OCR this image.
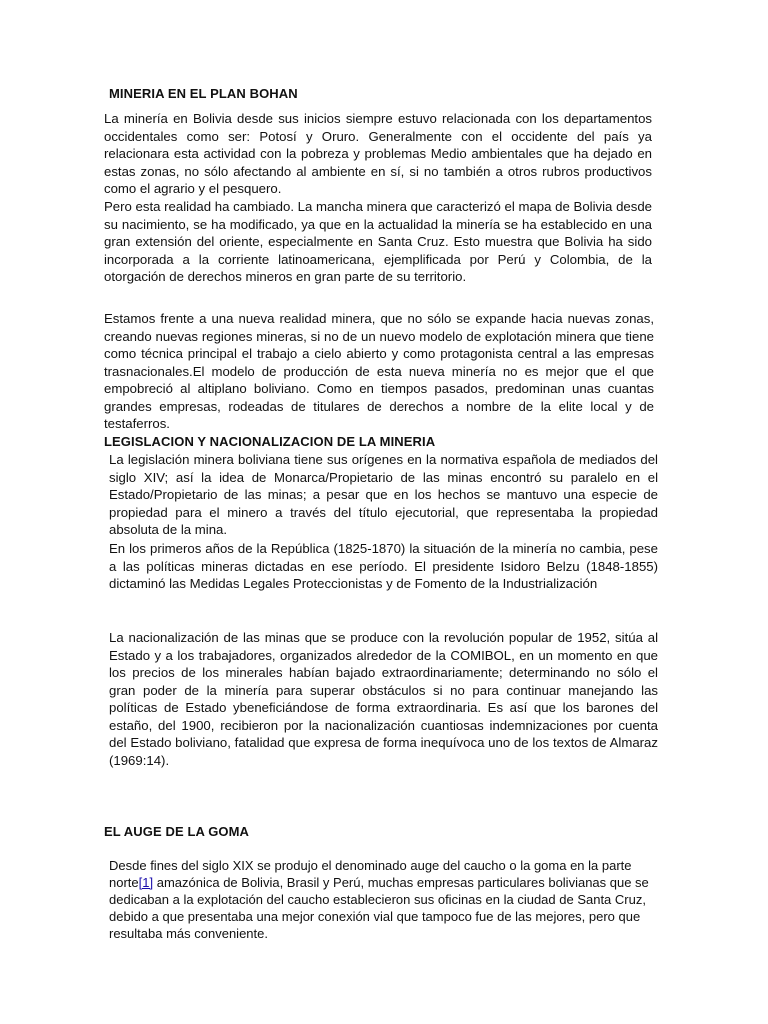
MINERIA EN EL PLAN BOHAN

La minería en Bolivia desde sus inicios siempre estuvo relacionada con los departamentos occidentales como ser: Potosí y Oruro. Generalmente con el occidente del país ya relacionara esta actividad con la pobreza y problemas Medio ambientales que ha dejado en estas zonas, no sólo afectando al ambiente en sí, si no también a otros rubros productivos como el agrario y el pesquero.

Pero esta realidad ha cambiado. La mancha minera que caracterizó el mapa de Bolivia desde su nacimiento, se ha modificado, ya que en la actualidad la minería se ha establecido en una gran extensión del oriente, especialmente en Santa Cruz. Esto muestra que Bolivia ha sido incorporada a la corriente latinoamericana, ejemplificada por Perú y Colombia, de la otorgación de derechos mineros en gran parte de su territorio.

Estamos frente a una nueva realidad minera, que no sólo se expande hacia nuevas zonas, creando nuevas regiones mineras, si no de un nuevo modelo de explotación minera que tiene como técnica principal el trabajo a cielo abierto y como protagonista central a las empresas trasnacionales.El modelo de producción de esta nueva minería no es mejor que el que empobreció al altiplano boliviano. Como en tiempos pasados, predominan unas cuantas grandes empresas, rodeadas de titulares de derechos a nombre de la elite local y de testaferros.

LEGISLACION Y NACIONALIZACION DE LA MINERIA

La legislación minera boliviana tiene sus orígenes en la normativa española de mediados del siglo XIV; así la idea de Monarca/Propietario de las minas encontró su paralelo en el Estado/Propietario de las minas; a pesar que en los hechos se mantuvo una especie de propiedad para el minero a través del título ejecutorial, que representaba la propiedad absoluta de la mina.

En los primeros años de la República (1825-1870) la situación de la minería no cambia, pese a las políticas mineras dictadas en ese período. El presidente Isidoro Belzu (1848-1855) dictaminó las Medidas Legales Proteccionistas y de Fomento de la Industrialización

La nacionalización de las minas que se produce con la revolución popular de 1952, sitúa al Estado y a los trabajadores, organizados alrededor de la COMIBOL, en un momento en que los precios de los minerales habían bajado extraordinariamente; determinando no sólo el gran poder de la minería para superar obstáculos si no para continuar manejando las políticas de Estado ybeneficiándose de forma extraordinaria. Es así que los barones del estaño, del 1900, recibieron por la nacionalización cuantiosas indemnizaciones por cuenta del Estado boliviano, fatalidad que expresa de forma inequívoca uno de los textos de Almaraz (1969:14).

EL AUGE DE LA GOMA

Desde fines del siglo XIX se produjo el denominado auge del caucho o la goma en la parte norte[1] amazónica de Bolivia, Brasil y Perú, muchas empresas particulares bolivianas que se dedicaban a la explotación del caucho establecieron sus oficinas en la ciudad de Santa Cruz, debido a que presentaba una mejor conexión vial que tampoco fue de las mejores, pero que resultaba más conveniente.
